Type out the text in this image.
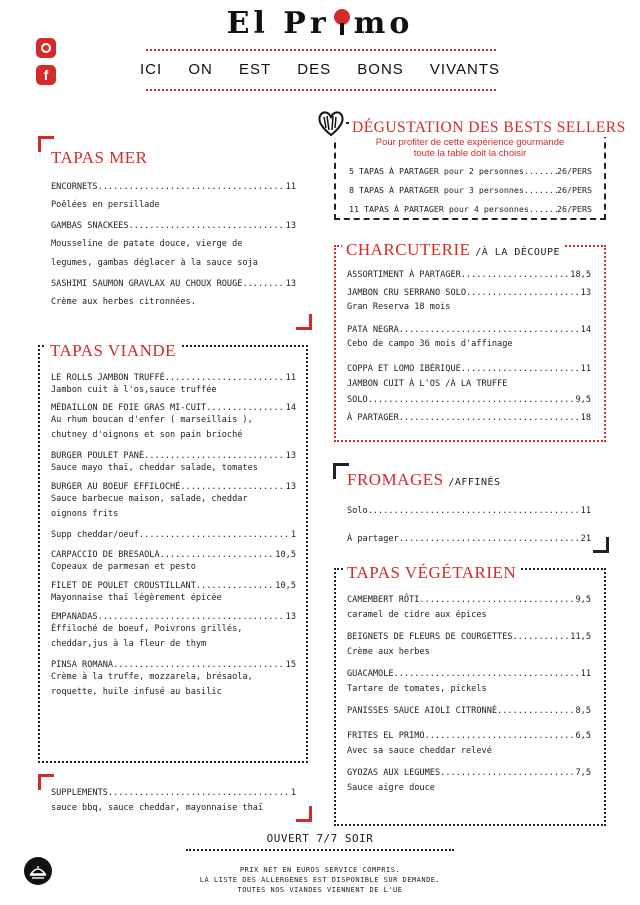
El Pr mo
ICI ON EST DES BONS VIVANTS
f
TAPAS MER
ENCORNETS .....	11
Poêlées en persillade
GAMBAS SNACKEES .....	13
Mousseline de patate douce, vierge de
legumes, gambas déglacer à la sauce soja
SASHIMI SAUMON GRAVLAX AU CHOUX ROUGE .....	13
Crème aux herbes citronnées.
TAPAS VIANDE
LE ROLLS JAMBON TRUFFÉ .....	11
Jambon cuit à l'os,sauce truffée
MÉDAILLON DE FOIE GRAS MI-CUIT .....	14
Au rhum boucan d'enfer ( marseillais ),
chutney d'oignons et son pain brioché
BURGER POULET PANÉ .....	13
Sauce mayo thaï, cheddar salade, tomates
BURGER AU BOEUF EFFILOCHÉ .....	13
Sauce barbecue maison, salade, cheddar
oignons frits
Supp cheddar/oeuf .....	1
CARPACCIO DE BRESAOLA .....	10,5
Copeaux de parmesan et pesto
FILET DE POULET CROUSTILLANT .....	10,5
Mayonnaise thaï légèrement épicée
EMPANADAS .....	13
Éffiloché de boeuf, Poivrons grillés,
cheddar,jus à la fleur de thym
PINSA ROMANA .....	15
Crème à la truffe, mozzarela, brésaola,
roquette, huile infusé au basilic
SUPPLEMENTS .....	1
sauce bbq, sauce cheddar, mayonnaise thaï
DÉGUSTATION DES BESTS SELLERS
Pour profiter de cette expérience gourmande
toute la table doit la choisir
5 TAPAS À PARTAGER pour 2 personnes .....	26/PERS
8 TAPAS À PARTAGER pour 3 personnes .....	26/PERS
11 TAPAS À PARTAGER pour 4 personnes .....	26/PERS
CHARCUTERIE /À LA DÉCOUPE
ASSORTIMENT À PARTAGER .....	18,5
JAMBON CRU SERRANO SOLO .....	13
Gran Reserva 18 mois
PATA NEGRA .....	14
Cebo de campo 36 mois d'affinage
COPPA ET LOMO IBÉRIQUE .....	11
JAMBON CUIT À L'OS /À LA TRUFFE
SOLO .....	9,5
À PARTAGER .....	18
FROMAGES /AFFINÉS
Solo .....	11
À partager .....	21
TAPAS VÉGÉTARIEN
CAMEMBERT RÔTI .....	9,5
caramel de cidre aux épices
BEIGNETS DE FLEURS DE COURGETTES .....	11,5
Crème aux herbes
GUACAMOLE .....	11
Tartare de tomates, pickels
PANISSES SAUCE AIOLI CITRONNÉ .....	8,5
FRITES EL PRIMO .....	6,5
Avec sa sauce cheddar relevé
GYOZAS AUX LEGUMES .....	7,5
Sauce aigre douce
OUVERT 7/7 SOIR
PRIX NET EN EUROS SERVICE COMPRIS.
LA LISTE DES ALLERGÈNES EST DISPONIBLE SUR DEMANDE.
TOUTES NOS VIANDES VIENNENT DE L'UE
